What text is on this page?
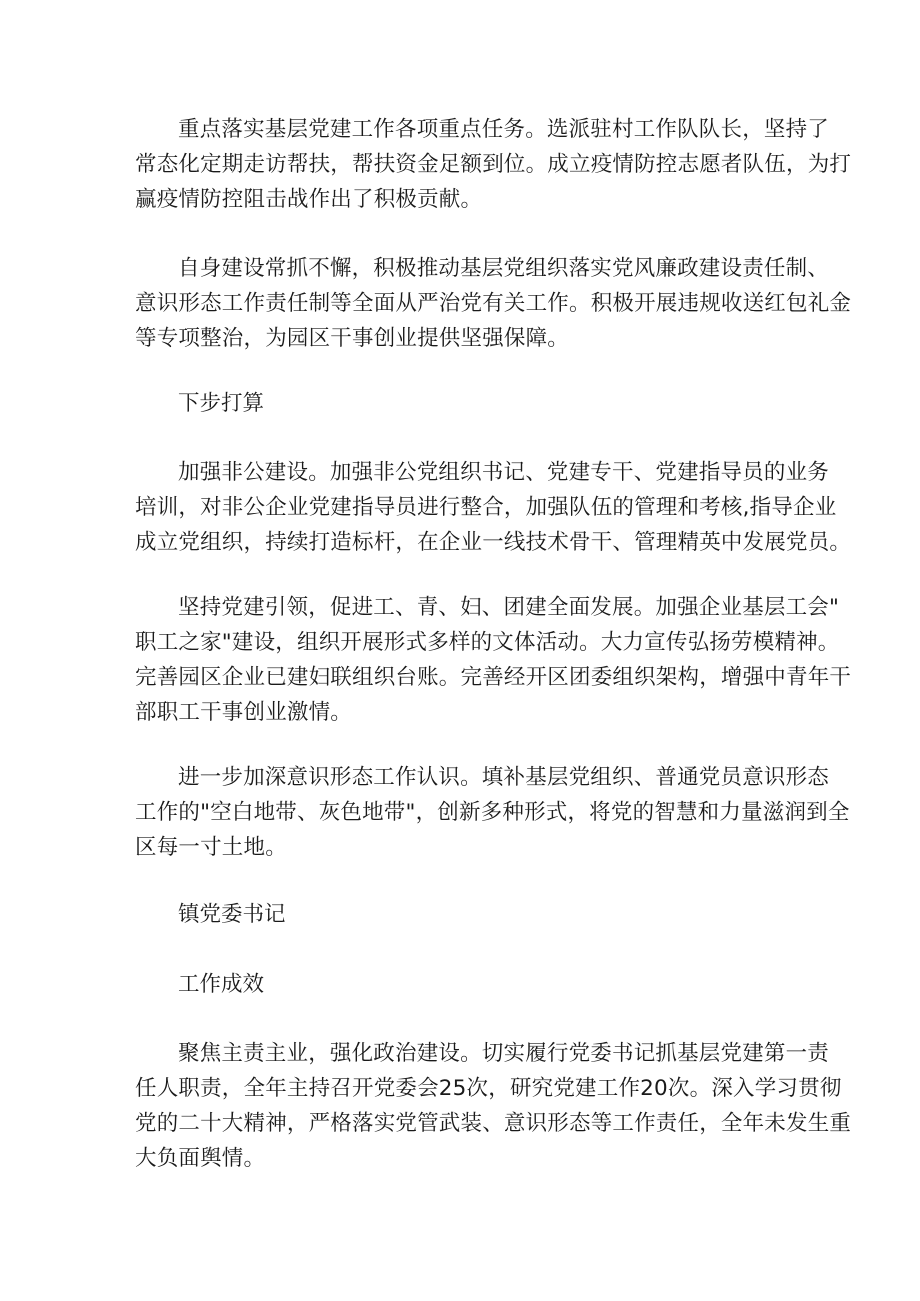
重点落实基层党建工作各项重点任务。选派驻村工作队队长，坚持了
常态化定期走访帮扶，帮扶资金足额到位。成立疫情防控志愿者队伍，为打
赢疫情防控阻击战作出了积极贡献。

自身建设常抓不懈，积极推动基层党组织落实党风廉政建设责任制、
意识形态工作责任制等全面从严治党有关工作。积极开展违规收送红包礼金
等专项整治，为园区干事创业提供坚强保障。

下步打算

加强非公建设。加强非公党组织书记、党建专干、党建指导员的业务
培训，对非公企业党建指导员进行整合，加强队伍的管理和考核,指导企业
成立党组织，持续打造标杆，在企业一线技术骨干、管理精英中发展党员。

坚持党建引领，促进工、青、妇、团建全面发展。加强企业基层工会"
职工之家"建设，组织开展形式多样的文体活动。大力宣传弘扬劳模精神。
完善园区企业已建妇联组织台账。完善经开区团委组织架构，增强中青年干
部职工干事创业激情。

进一步加深意识形态工作认识。填补基层党组织、普通党员意识形态
工作的"空白地带、灰色地带"，创新多种形式，将党的智慧和力量滋润到全
区每一寸土地。

镇党委书记

工作成效

聚焦主责主业，强化政治建设。切实履行党委书记抓基层党建第一责
任人职责，全年主持召开党委会25次，研究党建工作20次。深入学习贯彻
党的二十大精神，严格落实党管武装、意识形态等工作责任，全年未发生重
大负面舆情。
